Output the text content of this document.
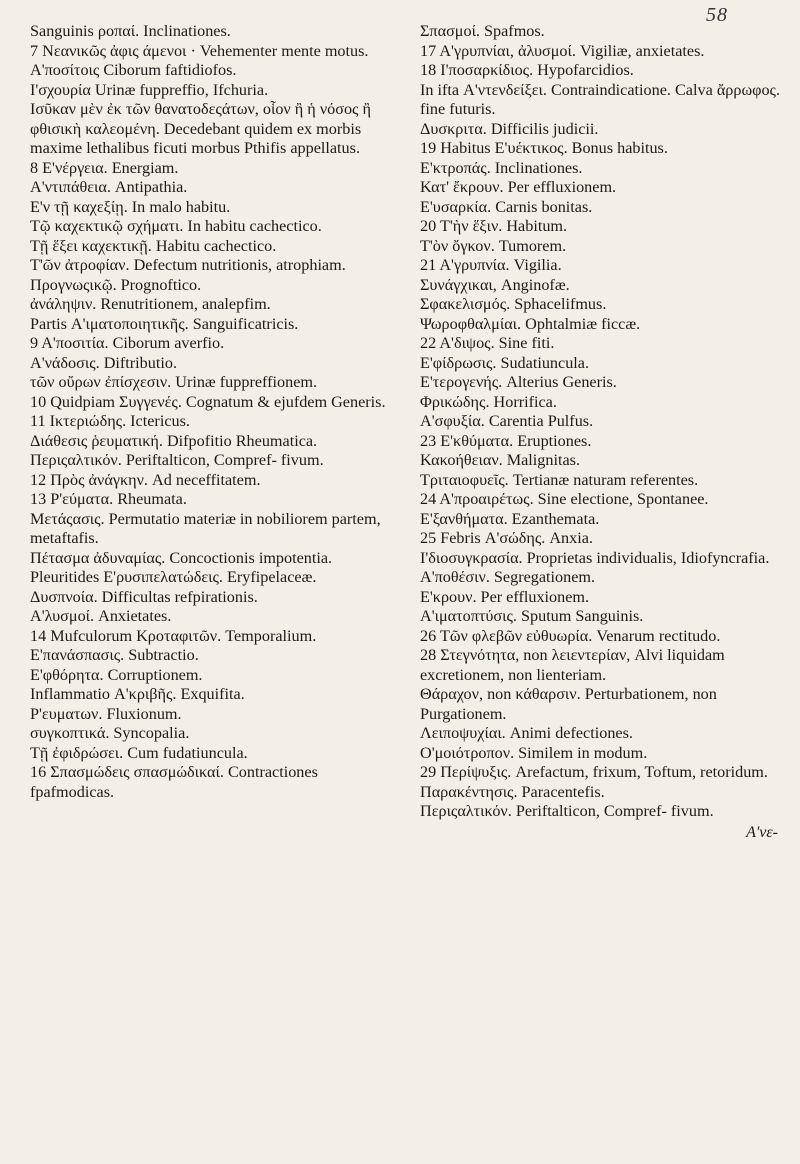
58

Sanguinis ροπαί. Inclinationes.

7 Νεανικῶς ἀφις άμενοι · Vehementer mente motus.

Α'ποσίτοις Ciborum faftidiofos.

Ι'σχουρία Urinæ fuppreffio, Ifchuria.

Ισῦκαν μὲν ἐκ τῶν θανατοδεςάτων, οἷον ἢ ἡ νόσος ἢ φθισικὴ καλεομένη. Decedebant quidem ex morbis maxime lethalibus ficuti morbus Pthifis appellatus.

8 Ε'νέργεια. Energiam.

Α'ντιπάθεια. Antipathia.

Ε'ν τῇ καχεξίῃ. In malo habitu.

Τῷ καχεκτικῷ σχήματι. In habitu cachectico.

Τῇ ἕξει καχεκτικῇ. Habitu cachectico.

Τ'ῶν ἀτροφίαν. Defectum nutritionis, atrophiam.

Προγνωςικῷ. Prognoftico.

ἀνάληψιν. Renutritionem, analepfim.

Partis Α'ιματοποιητικῆς. Sanguificatricis.

9 Α'ποσιτία. Ciborum averfio.

Α'νάδοσις. Diftributio.

τῶν οὔρων ἐπίσχεσιν. Urinæ fuppreffionem.

10 Quidpiam Συγγενές. Cognatum & ejufdem Generis.

11 Ικτεριώδης. Ictericus.

Διάθεσις ῥευματική. Difpofitio Rheumatica.

Περιςαλτικόν. Periftalticon, Compref- fivum.

12 Πρὸς ἀνάγκην. Ad neceffitatem.

13 Ρ'εύματα. Rheumata.

Μετάςασις. Permutatio materiæ in nobiliorem partem, metaftafis.

Πέτασμα ἀδυναμίας. Concoctionis impotentia.

Pleuritides Ε'ρυσιπελατώδεις. Eryfipelaceæ.

Δυσπνοία. Difficultas refpirationis.

Α'λυσμοί. Anxietates.

14 Mufculorum Κροταφιτῶν. Temporalium.

Ε'πανάσπασις. Subtractio.

Ε'φθόρητα. Corruptionem.

Inflammatio Α'κριβῆς. Exquifita.

Ρ'ευματων. Fluxionum.

συγκοπτικά. Syncopalia.

Τῇ ἐφιδρώσει. Cum fudatiuncula.

16 Σπασμώδεις σπασμώδικαί. Contractiones fpafmodicas.

Σπασμοί. Spafmos.

17 Α'γρυπνίαι, ἀλυσμοί. Vigiliæ, anxietates.

18 Ι'ποσαρκίδιος. Hypofarcidios.

In ifta Α'ντενδείξει. Contraindicatione. Calva ἄρρωφος. fine futuris.

Δυσκριτα. Difficilis judicii.

19 Habitus Ε'υέκτικος. Bonus habitus.

Ε'κτροπάς. Inclinationes.

Κατ' ἔκρουν. Per effluxionem.

Ε'υσαρκία. Carnis bonitas.

20 Τ'ὴν ἕξιν. Habitum.

Τ'ὸν ὄγκον. Tumorem.

21 Α'γρυπνία. Vigilia.

Συνάγχικαι, Anginofæ.

Σφακελισμός. Sphacelifmus.

Ψωροφθαλμίαι. Ophtalmiæ ficcæ.

22 Α'διψος. Sine fiti.

Ε'φίδρωσις. Sudatiuncula.

Ε'τερογενής. Alterius Generis.

Φρικώδης. Horrifica.

Α'σφυξία. Carentia Pulfus.

23 Ε'κθύματα. Eruptiones.

Κακοήθειαν. Malignitas.

Τριταιοφυεῖς. Tertianæ naturam referentes.

24 Α'προαιρέτως. Sine electione, Spontanee.

Ε'ξανθήματα. Ezanthemata.

25 Febris Α'σώδης. Anxia.

Ι'διοσυγκρασία. Proprietas individualis, Idiofyncrafia.

Α'ποθέσιν. Segregationem.

Ε'κρουν. Per effluxionem.

Α'ιματοπτύσις. Sputum Sanguinis.

26 Τῶν φλεβῶν εὐθυωρία. Venarum rectitudo.

28 Στεγνότητα, non λειεντερίαν, Alvi liquidam excretionem, non lienteriam.

Θάραχον, non κάθαρσιν. Perturbationem, non Purgationem.

Λειποψυχίαι. Animi defectiones.

Ο'μοιότροπον. Similem in modum.

29 Περίψυξις. Arefactum, frixum, Toftum, retoridum.

Παρακέντησις. Paracentefis.

Περιςαλτικόν. Periftalticon, Compref- fivum.

Α'νε-
